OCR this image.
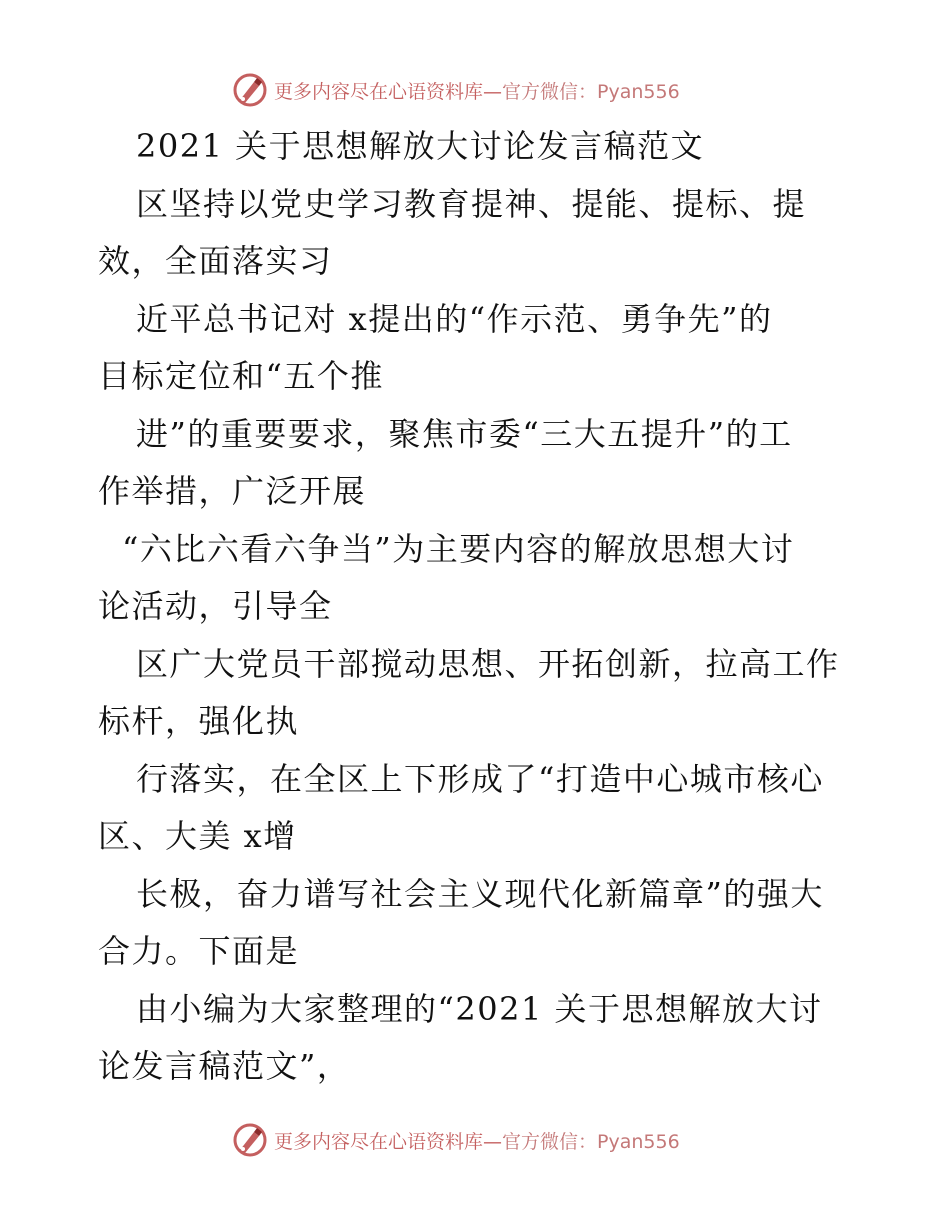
更多内容尽在心语资料库—官方微信：Pyan556
2021 关于思想解放大讨论发言稿范文
区坚持以党史学习教育提神、提能、提标、提
效，全面落实习
近平总书记对 x提出的“作示范、勇争先”的
目标定位和“五个推
进”的重要要求，聚焦市委“三大五提升”的工
作举措，广泛开展
“六比六看六争当”为主要内容的解放思想大讨
论活动，引导全
区广大党员干部搅动思想、开拓创新，拉高工作
标杆，强化执
行落实，在全区上下形成了“打造中心城市核心
区、大美 x增
长极，奋力谱写社会主义现代化新篇章”的强大
合力。下面是
由小编为大家整理的“2021 关于思想解放大讨
论发言稿范文”，
更多内容尽在心语资料库—官方微信：Pyan556
